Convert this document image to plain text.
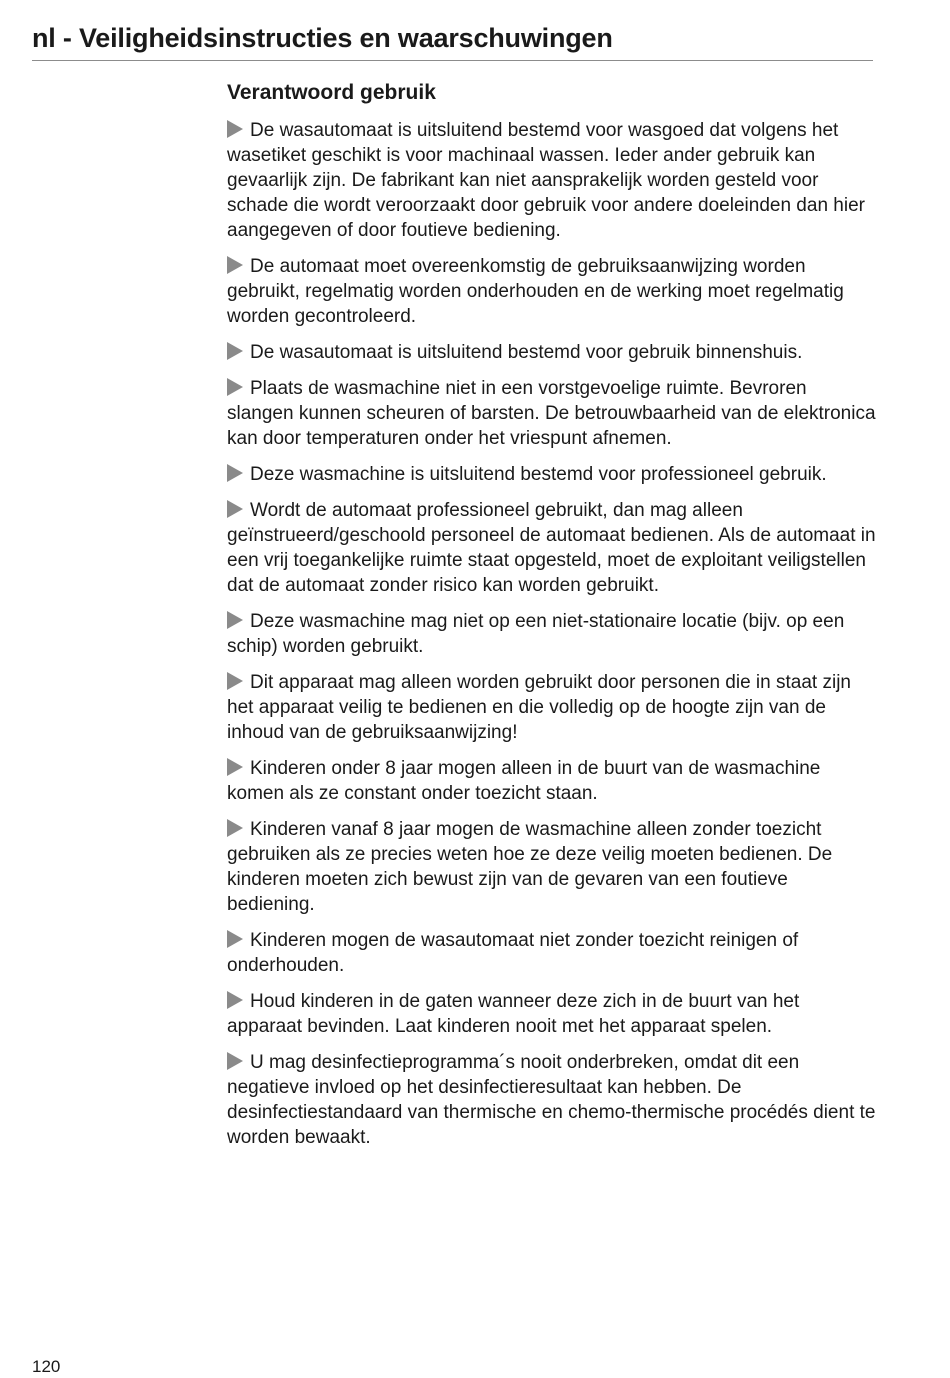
nl - Veiligheidsinstructies en waarschuwingen
Verantwoord gebruik
De wasautomaat is uitsluitend bestemd voor wasgoed dat volgens het wasetiket geschikt is voor machinaal wassen. Ieder ander gebruik kan gevaarlijk zijn. De fabrikant kan niet aansprakelijk worden gesteld voor schade die wordt veroorzaakt door gebruik voor andere doeleinden dan hier aangegeven of door foutieve bediening.
De automaat moet overeenkomstig de gebruiksaanwijzing worden gebruikt, regelmatig worden onderhouden en de werking moet regelmatig worden gecontroleerd.
De wasautomaat is uitsluitend bestemd voor gebruik binnenshuis.
Plaats de wasmachine niet in een vorstgevoelige ruimte. Bevroren slangen kunnen scheuren of barsten. De betrouwbaarheid van de elektronica kan door temperaturen onder het vriespunt afnemen.
Deze wasmachine is uitsluitend bestemd voor professioneel gebruik.
Wordt de automaat professioneel gebruikt, dan mag alleen geïnstrueerd/geschoold personeel de automaat bedienen. Als de automaat in een vrij toegankelijke ruimte staat opgesteld, moet de exploitant veiligstellen dat de automaat zonder risico kan worden gebruikt.
Deze wasmachine mag niet op een niet-stationaire locatie (bijv. op een schip) worden gebruikt.
Dit apparaat mag alleen worden gebruikt door personen die in staat zijn het apparaat veilig te bedienen en die volledig op de hoogte zijn van de inhoud van de gebruiksaanwijzing!
Kinderen onder 8 jaar mogen alleen in de buurt van de wasmachine komen als ze constant onder toezicht staan.
Kinderen vanaf 8 jaar mogen de wasmachine alleen zonder toezicht gebruiken als ze precies weten hoe ze deze veilig moeten bedienen. De kinderen moeten zich bewust zijn van de gevaren van een foutieve bediening.
Kinderen mogen de wasautomaat niet zonder toezicht reinigen of onderhouden.
Houd kinderen in de gaten wanneer deze zich in de buurt van het apparaat bevinden. Laat kinderen nooit met het apparaat spelen.
U mag desinfectieprogramma´s nooit onderbreken, omdat dit een negatieve invloed op het desinfectieresultaat kan hebben. De desinfectiestandaard van thermische en chemo-thermische procédés dient te worden bewaakt.
120
